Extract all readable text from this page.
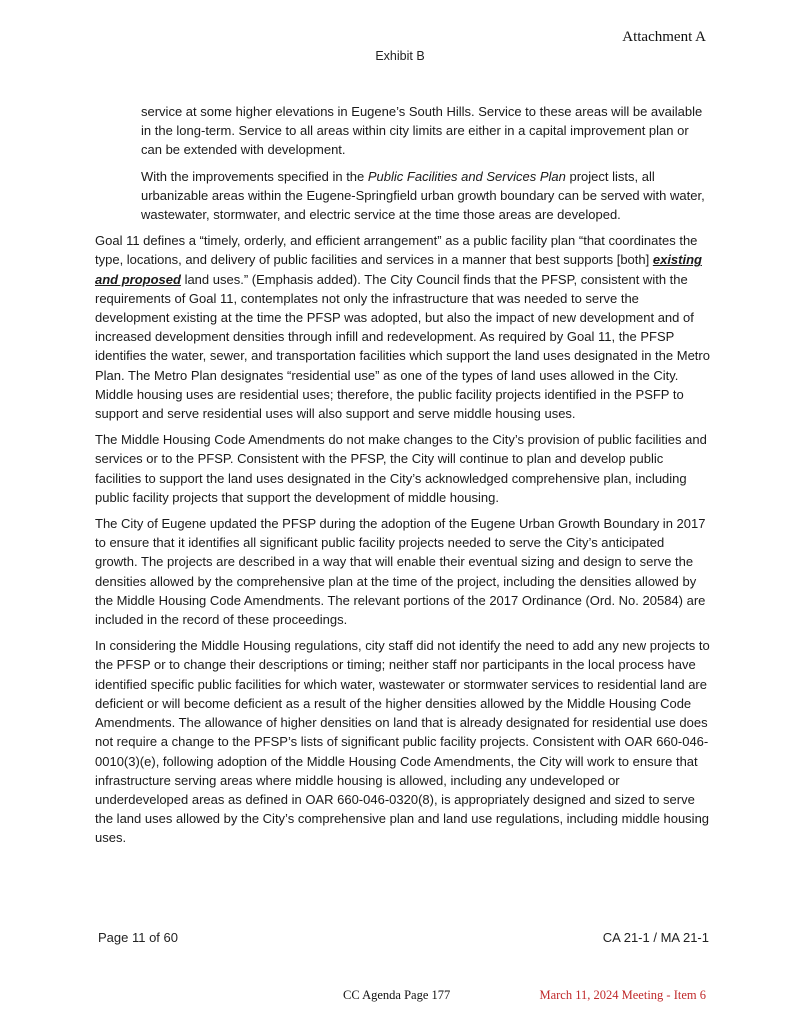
Attachment A
Exhibit B

service at some higher elevations in Eugene’s South Hills. Service to these areas will be available in the long-term. Service to all areas within city limits are either in a capital improvement plan or can be extended with development.

With the improvements specified in the Public Facilities and Services Plan project lists, all urbanizable areas within the Eugene-Springfield urban growth boundary can be served with water, wastewater, stormwater, and electric service at the time those areas are developed.

Goal 11 defines a “timely, orderly, and efficient arrangement” as a public facility plan “that coordinates the type, locations, and delivery of public facilities and services in a manner that best supports [both] existing and proposed land uses.” (Emphasis added). The City Council finds that the PFSP, consistent with the requirements of Goal 11, contemplates not only the infrastructure that was needed to serve the development existing at the time the PFSP was adopted, but also the impact of new development and of increased development densities through infill and redevelopment. As required by Goal 11, the PFSP identifies the water, sewer, and transportation facilities which support the land uses designated in the Metro Plan. The Metro Plan designates “residential use” as one of the types of land uses allowed in the City. Middle housing uses are residential uses; therefore, the public facility projects identified in the PSFP to support and serve residential uses will also support and serve middle housing uses.

The Middle Housing Code Amendments do not make changes to the City’s provision of public facilities and services or to the PFSP. Consistent with the PFSP, the City will continue to plan and develop public facilities to support the land uses designated in the City’s acknowledged comprehensive plan, including public facility projects that support the development of middle housing.

The City of Eugene updated the PFSP during the adoption of the Eugene Urban Growth Boundary in 2017 to ensure that it identifies all significant public facility projects needed to serve the City’s anticipated growth. The projects are described in a way that will enable their eventual sizing and design to serve the densities allowed by the comprehensive plan at the time of the project, including the densities allowed by the Middle Housing Code Amendments. The relevant portions of the 2017 Ordinance (Ord. No. 20584) are included in the record of these proceedings.

In considering the Middle Housing regulations, city staff did not identify the need to add any new projects to the PFSP or to change their descriptions or timing; neither staff nor participants in the local process have identified specific public facilities for which water, wastewater or stormwater services to residential land are deficient or will become deficient as a result of the higher densities allowed by the Middle Housing Code Amendments. The allowance of higher densities on land that is already designated for residential use does not require a change to the PFSP’s lists of significant public facility projects. Consistent with OAR 660-046-0010(3)(e), following adoption of the Middle Housing Code Amendments, the City will work to ensure that infrastructure serving areas where middle housing is allowed, including any undeveloped or underdeveloped areas as defined in OAR 660-046-0320(8), is appropriately designed and sized to serve the land uses allowed by the City’s comprehensive plan and land use regulations, including middle housing uses.

Page 11 of 60	CA 21-1 / MA 21-1
CC Agenda Page 177	March 11, 2024 Meeting - Item 6
